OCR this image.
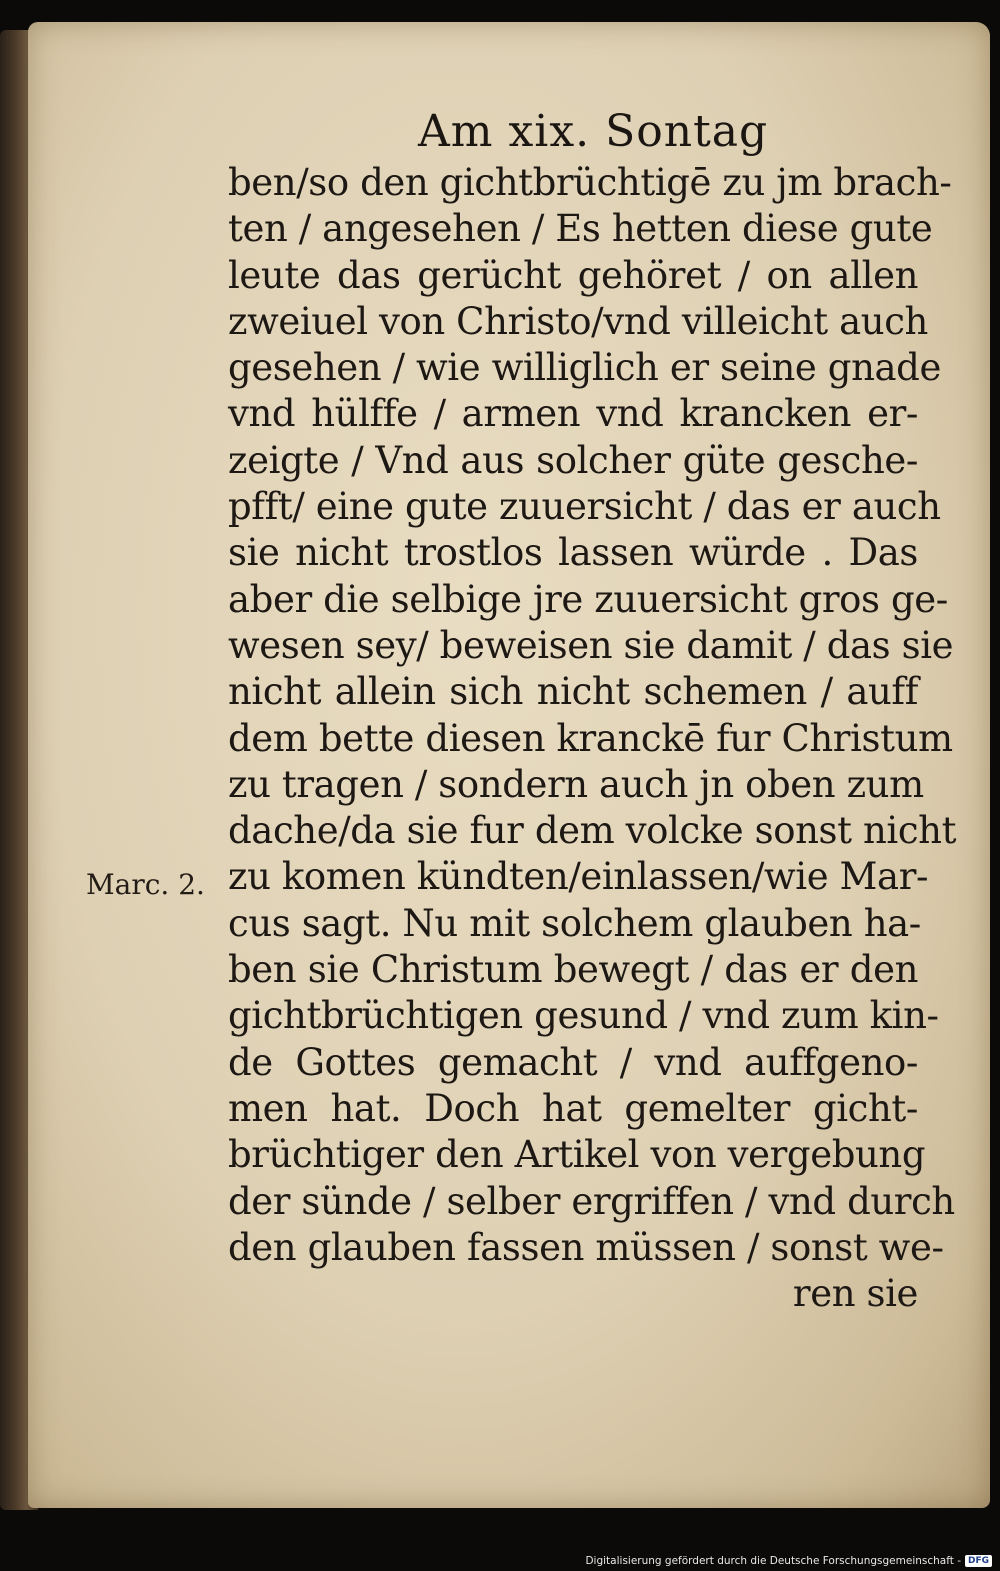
Am xix. Sontag
Marc. 2.
ben/so den gichtbrüchtigē zu jm brach-
ten / angesehen / Es hetten diese gute
leute das gerücht gehöret / on allen
zweiuel von Christo/vnd villeicht auch
gesehen / wie williglich er seine gnade
vnd hülffe / armen vnd krancken er-
zeigte / Vnd aus solcher güte gesche-
pfft/ eine gute zuuersicht / das er auch
sie nicht trostlos lassen würde . Das
aber die selbige jre zuuersicht gros ge-
wesen sey/ beweisen sie damit / das sie
nicht allein sich nicht schemen / auff
dem bette diesen kranckē fur Christum
zu tragen / sondern auch jn oben zum
dache/da sie fur dem volcke sonst nicht
zu komen kündten/einlassen/wie Mar-
cus sagt. Nu mit solchem glauben ha-
ben sie Christum bewegt / das er den
gichtbrüchtigen gesund / vnd zum kin-
de Gottes gemacht / vnd auffgeno-
men hat. Doch hat gemelter gicht-
brüchtiger den Artikel von vergebung
der sünde / selber ergriffen / vnd durch
den glauben fassen müssen / sonst we-
ren sie
Digitalisierung gefördert durch die Deutsche Forschungsgemeinschaft - DFG
